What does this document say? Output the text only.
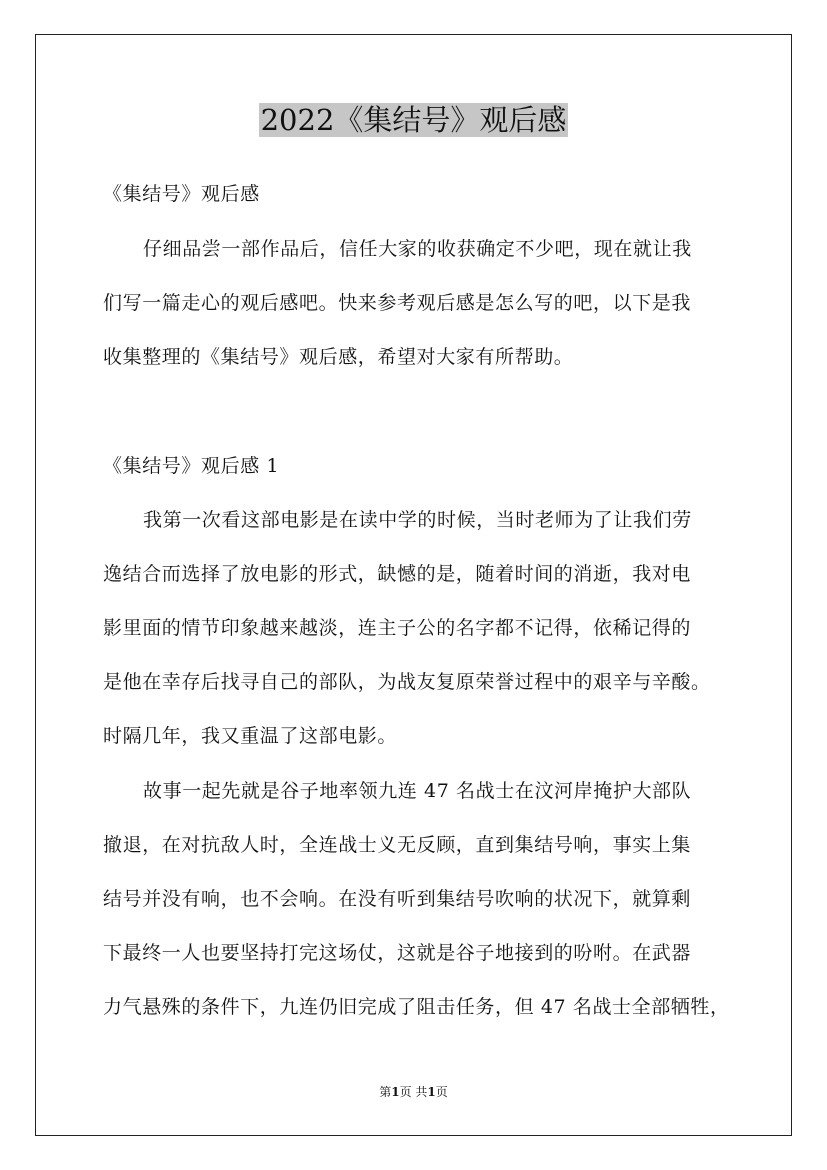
2022《集结号》观后感
《集结号》观后感
仔细品尝一部作品后，信任大家的收获确定不少吧，现在就让我
们写一篇走心的观后感吧。快来参考观后感是怎么写的吧，以下是我
收集整理的《集结号》观后感，希望对大家有所帮助。
《集结号》观后感 1
我第一次看这部电影是在读中学的时候，当时老师为了让我们劳
逸结合而选择了放电影的形式，缺憾的是，随着时间的消逝，我对电
影里面的情节印象越来越淡，连主子公的名字都不记得，依稀记得的
是他在幸存后找寻自己的部队，为战友复原荣誉过程中的艰辛与辛酸。
时隔几年，我又重温了这部电影。
故事一起先就是谷子地率领九连 47 名战士在汶河岸掩护大部队
撤退，在对抗敌人时，全连战士义无反顾，直到集结号响，事实上集
结号并没有响，也不会响。在没有听到集结号吹响的状况下，就算剩
下最终一人也要坚持打完这场仗，这就是谷子地接到的吩咐。在武器
力气悬殊的条件下，九连仍旧完成了阻击任务，但 47 名战士全部牺牲，
第1页 共1页
